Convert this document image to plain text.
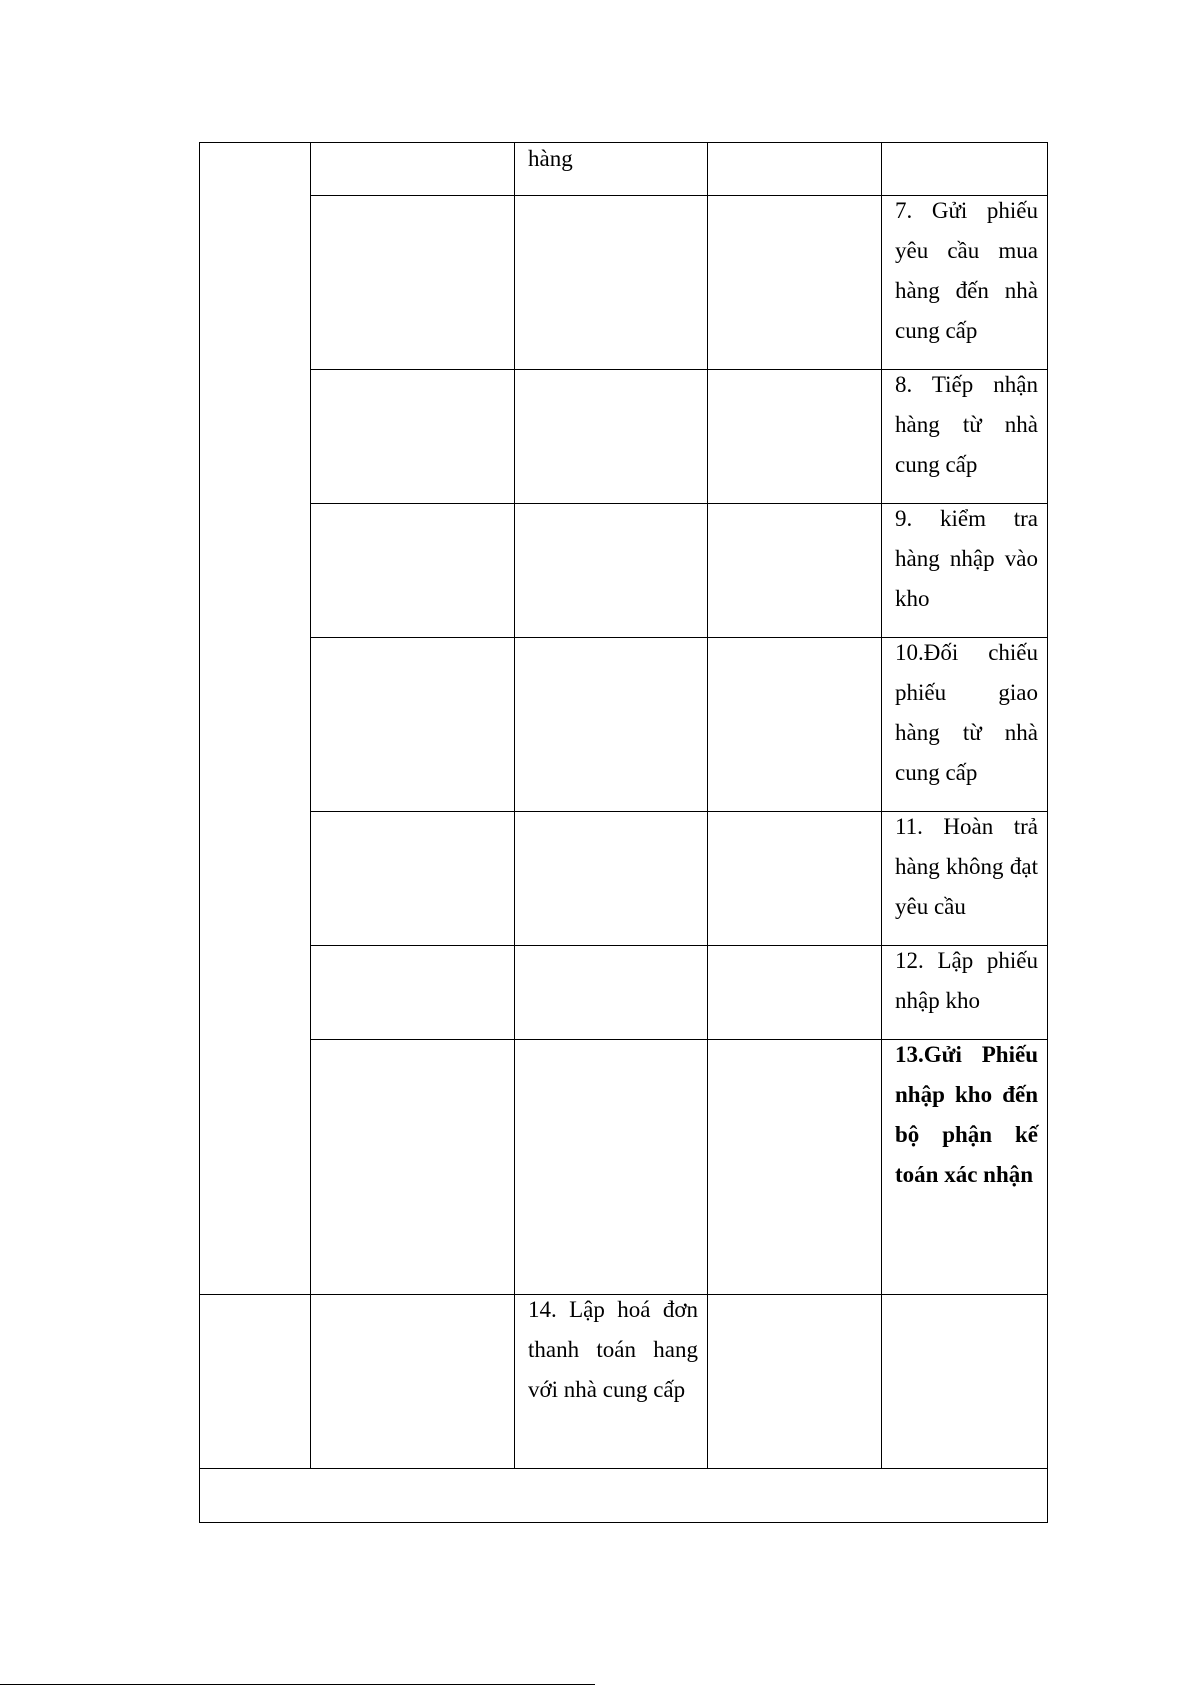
hàng
7. Gửi phiếu yêu cầu mua hàng đến nhà cung cấp
8. Tiếp nhận hàng từ nhà cung cấp
9. kiểm tra hàng nhập vào kho
10.Đối chiếu phiếu giao hàng từ nhà cung cấp
11. Hoàn trả hàng không đạt yêu cầu
12. Lập phiếu nhập kho
13.Gửi Phiếu nhập kho đến bộ phận kế toán xác nhận
14. Lập hoá đơn thanh toán hang với nhà cung cấp
